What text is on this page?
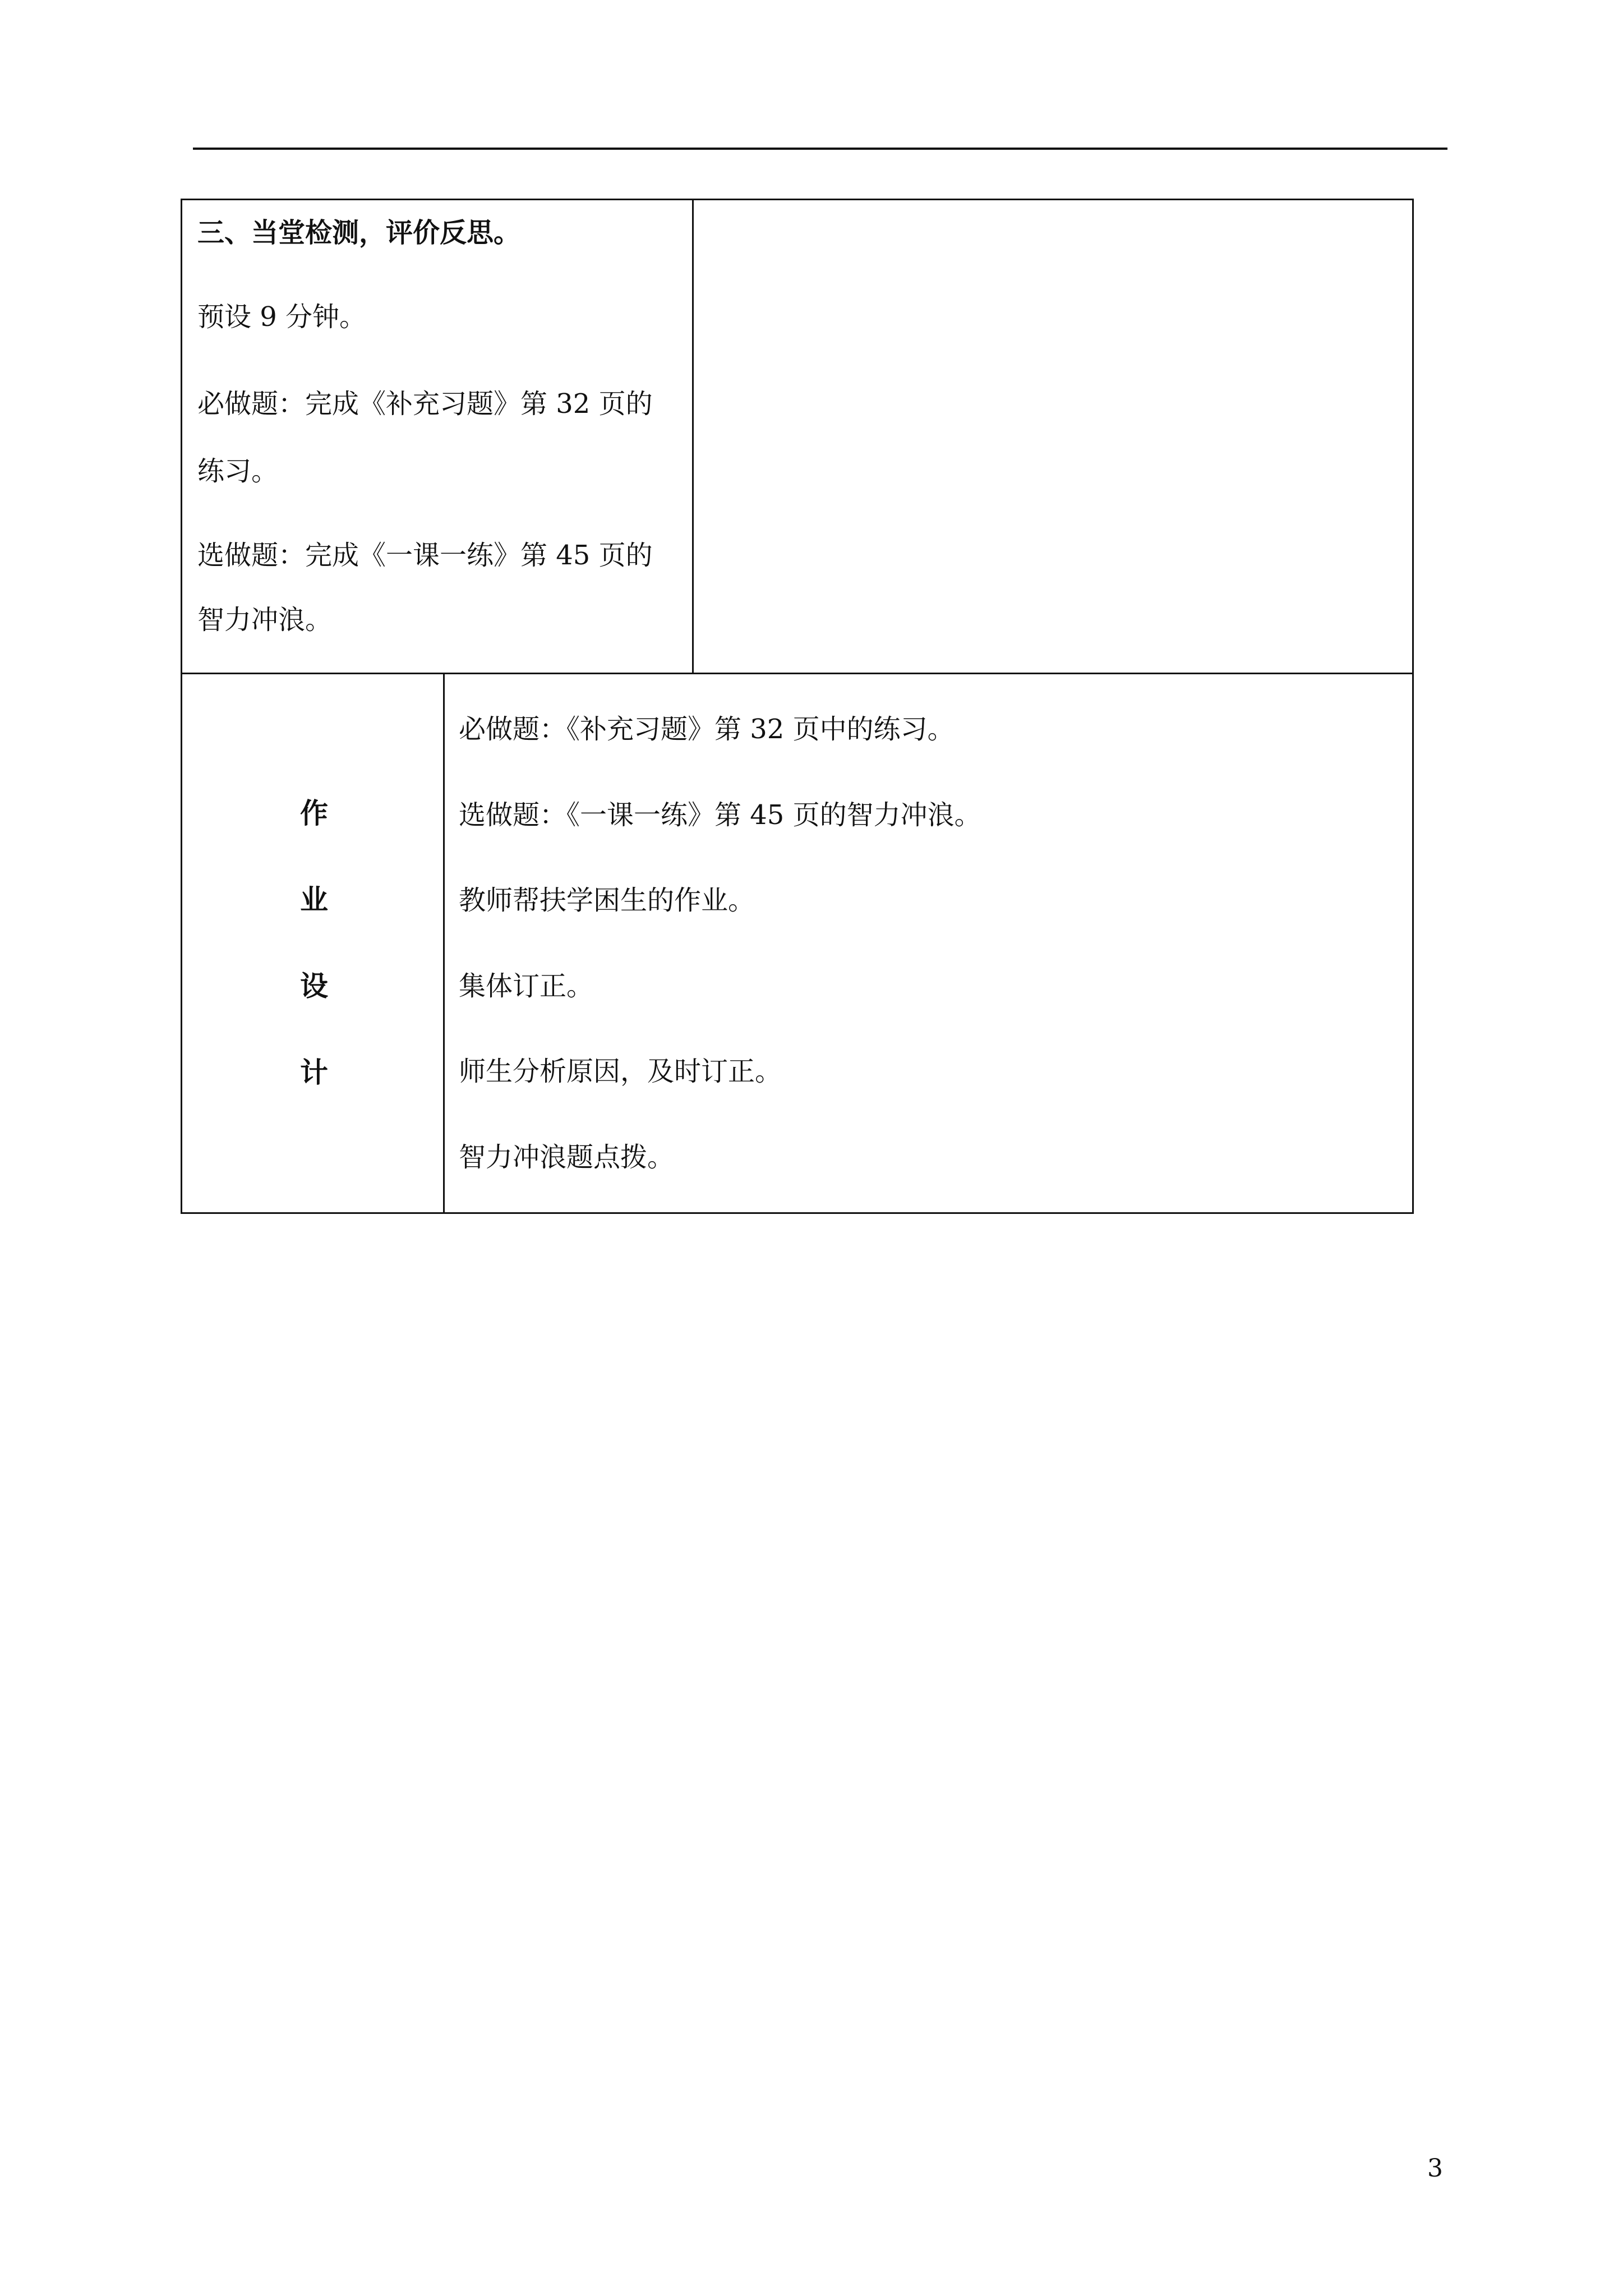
三、当堂检测，评价反思。
预设 9 分钟。
必做题：完成《补充习题》第 32 页的
练习。
选做题：完成《一课一练》第 45 页的
智力冲浪。
作
业
设
计
必做题：《补充习题》第 32 页中的练习。
选做题：《一课一练》第 45 页的智力冲浪。
教师帮扶学困生的作业。
集体订正。
师生分析原因，及时订正。
智力冲浪题点拨。
3
